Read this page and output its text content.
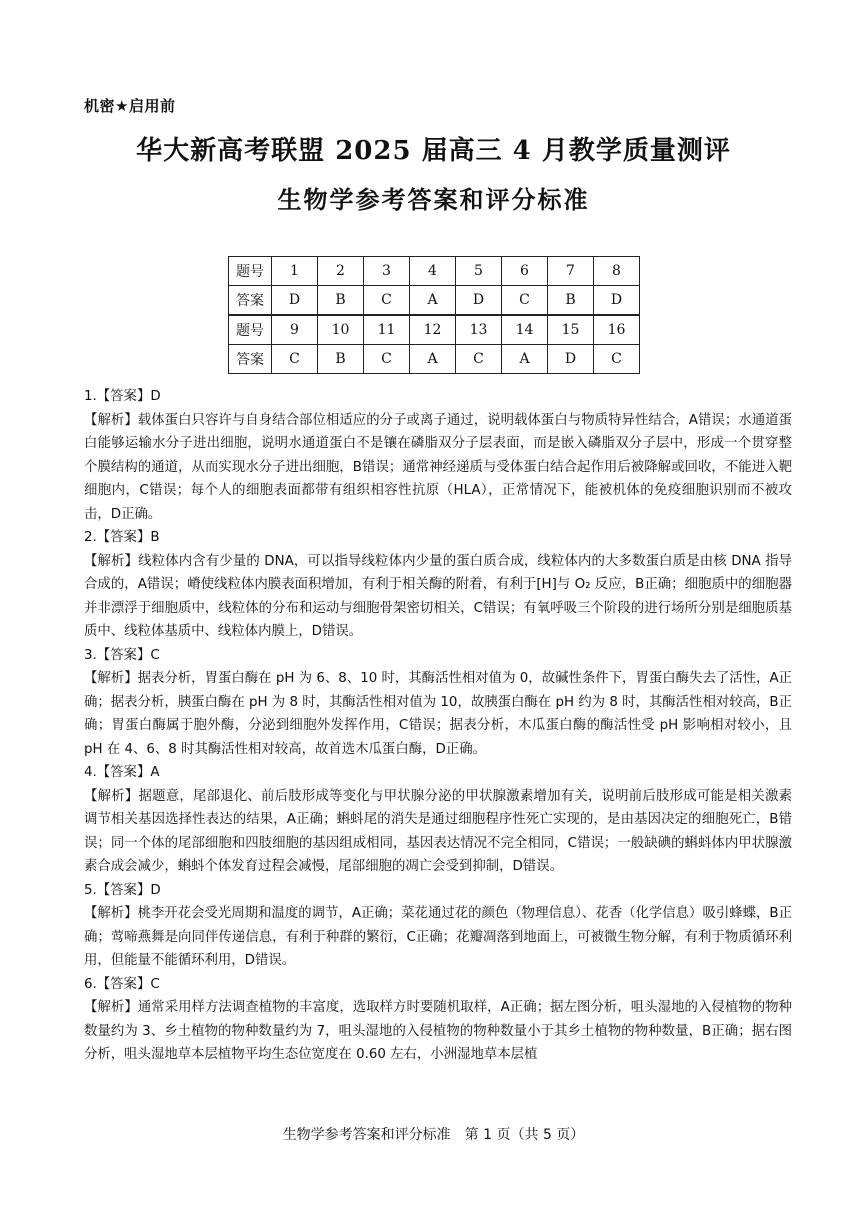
机密★启用前
华大新高考联盟 2025 届高三 4 月教学质量测评
生物学参考答案和评分标准
题号	1	2	3	4	5	6	7	8
答案	D	B	C	A	D	C	B	D
题号	9	10	11	12	13	14	15	16
答案	C	B	C	A	C	A	D	C
1.【答案】D
【解析】载体蛋白只容许与自身结合部位相适应的分子或离子通过，说明载体蛋白与物质特异性结合，A错误；水通道蛋白能够运输水分子进出细胞，说明水通道蛋白不是镶在磷脂双分子层表面，而是嵌入磷脂双分子层中，形成一个贯穿整个膜结构的通道，从而实现水分子进出细胞，B错误；通常神经递质与受体蛋白结合起作用后被降解或回收，不能进入靶细胞内，C错误；每个人的细胞表面都带有组织相容性抗原（HLA），正常情况下，能被机体的免疫细胞识别而不被攻击，D正确。
2.【答案】B
【解析】线粒体内含有少量的 DNA，可以指导线粒体内少量的蛋白质合成，线粒体内的大多数蛋白质是由核 DNA 指导合成的，A错误；嵴使线粒体内膜表面积增加，有利于相关酶的附着，有利于[H]与 O₂ 反应，B正确；细胞质中的细胞器并非漂浮于细胞质中，线粒体的分布和运动与细胞骨架密切相关，C错误；有氧呼吸三个阶段的进行场所分别是细胞质基质中、线粒体基质中、线粒体内膜上，D错误。
3.【答案】C
【解析】据表分析，胃蛋白酶在 pH 为 6、8、10 时，其酶活性相对值为 0，故碱性条件下，胃蛋白酶失去了活性，A正确；据表分析，胰蛋白酶在 pH 为 8 时，其酶活性相对值为 10，故胰蛋白酶在 pH 约为 8 时，其酶活性相对较高，B正确；胃蛋白酶属于胞外酶，分泌到细胞外发挥作用，C错误；据表分析，木瓜蛋白酶的酶活性受 pH 影响相对较小，且 pH 在 4、6、8 时其酶活性相对较高，故首选木瓜蛋白酶，D正确。
4.【答案】A
【解析】据题意，尾部退化、前后肢形成等变化与甲状腺分泌的甲状腺激素增加有关，说明前后肢形成可能是相关激素调节相关基因选择性表达的结果，A正确；蝌蚪尾的消失是通过细胞程序性死亡实现的，是由基因决定的细胞死亡，B错误；同一个体的尾部细胞和四肢细胞的基因组成相同，基因表达情况不完全相同，C错误；一般缺碘的蝌蚪体内甲状腺激素合成会减少，蝌蚪个体发育过程会减慢，尾部细胞的凋亡会受到抑制，D错误。
5.【答案】D
【解析】桃李开花会受光周期和温度的调节，A正确；菜花通过花的颜色（物理信息）、花香（化学信息）吸引蜂蝶，B正确；莺啼燕舞是向同伴传递信息，有利于种群的繁衍，C正确；花瓣凋落到地面上，可被微生物分解，有利于物质循环利用，但能量不能循环利用，D错误。
6.【答案】C
【解析】通常采用样方法调查植物的丰富度，选取样方时要随机取样，A正确；据左图分析，咀头湿地的入侵植物的物种数量约为 3、乡土植物的物种数量约为 7，咀头湿地的入侵植物的物种数量小于其乡土植物的物种数量，B正确；据右图分析，咀头湿地草本层植物平均生态位宽度在 0.60 左右，小洲湿地草本层植
生物学参考答案和评分标准　第 1 页（共 5 页）
